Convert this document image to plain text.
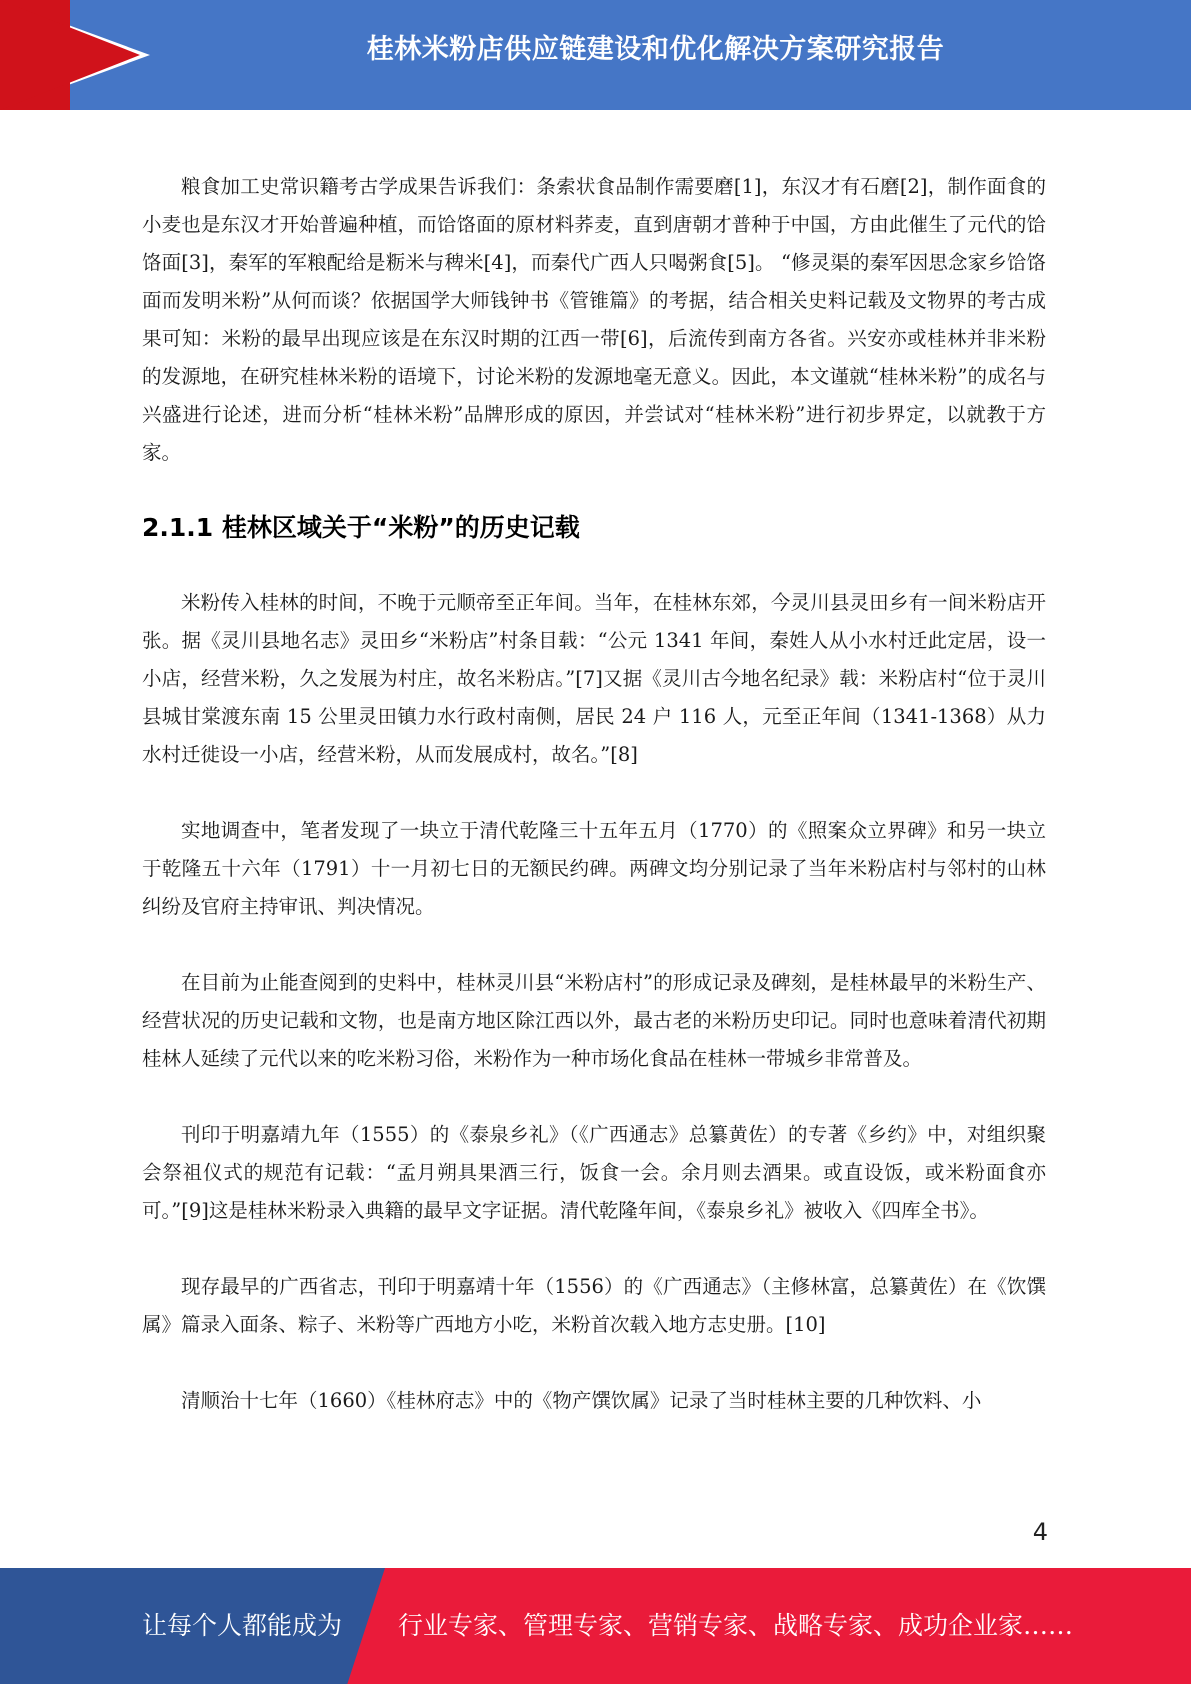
桂林米粉店供应链建设和优化解决方案研究报告

粮食加工史常识籍考古学成果告诉我们：条索状食品制作需要磨[1]，东汉才有石磨[2]，制作面食的小麦也是东汉才开始普遍种植，而饸饹面的原材料荞麦，直到唐朝才普种于中国，方由此催生了元代的饸饹面[3]，秦军的军粮配给是粝米与稗米[4]，而秦代广西人只喝粥食[5]。 “修灵渠的秦军因思念家乡饸饹面而发明米粉”从何而谈？依据国学大师钱钟书《管锥篇》的考据，结合相关史料记载及文物界的考古成果可知：米粉的最早出现应该是在东汉时期的江西一带[6]，后流传到南方各省。兴安亦或桂林并非米粉的发源地，在研究桂林米粉的语境下，讨论米粉的发源地毫无意义。因此，本文谨就“桂林米粉”的成名与兴盛进行论述，进而分析“桂林米粉”品牌形成的原因，并尝试对“桂林米粉”进行初步界定，以就教于方家。

2.1.1 桂林区域关于“米粉”的历史记载

米粉传入桂林的时间，不晚于元顺帝至正年间。当年，在桂林东郊，今灵川县灵田乡有一间米粉店开张。据《灵川县地名志》灵田乡“米粉店”村条目载：“公元 1341 年间，秦姓人从小水村迁此定居，设一小店，经营米粉，久之发展为村庄，故名米粉店。”[7]又据《灵川古今地名纪录》载：米粉店村“位于灵川县城甘棠渡东南 15 公里灵田镇力水行政村南侧，居民 24 户 116 人，元至正年间（1341-1368）从力水村迁徙设一小店，经营米粉，从而发展成村，故名。”[8]

实地调查中，笔者发现了一块立于清代乾隆三十五年五月（1770）的《照案众立界碑》和另一块立于乾隆五十六年（1791）十一月初七日的无额民约碑。两碑文均分别记录了当年米粉店村与邻村的山林纠纷及官府主持审讯、判决情况。

在目前为止能查阅到的史料中，桂林灵川县“米粉店村”的形成记录及碑刻，是桂林最早的米粉生产、经营状况的历史记载和文物，也是南方地区除江西以外，最古老的米粉历史印记。同时也意味着清代初期桂林人延续了元代以来的吃米粉习俗，米粉作为一种市场化食品在桂林一带城乡非常普及。

刊印于明嘉靖九年（1555）的《泰泉乡礼》（《广西通志》总纂黄佐）的专著《乡约》中，对组织聚会祭祖仪式的规范有记载：“孟月朔具果酒三行，饭食一会。余月则去酒果。或直设饭，或米粉面食亦可。”[9]这是桂林米粉录入典籍的最早文字证据。清代乾隆年间，《泰泉乡礼》被收入《四库全书》。

现存最早的广西省志，刊印于明嘉靖十年（1556）的《广西通志》（主修林富，总纂黄佐）在《饮馔属》篇录入面条、粽子、米粉等广西地方小吃，米粉首次载入地方志史册。[10]

清顺治十七年（1660）《桂林府志》中的《物产馔饮属》记录了当时桂林主要的几种饮料、小

4
让每个人都能成为 行业专家、管理专家、营销专家、战略专家、成功企业家……
